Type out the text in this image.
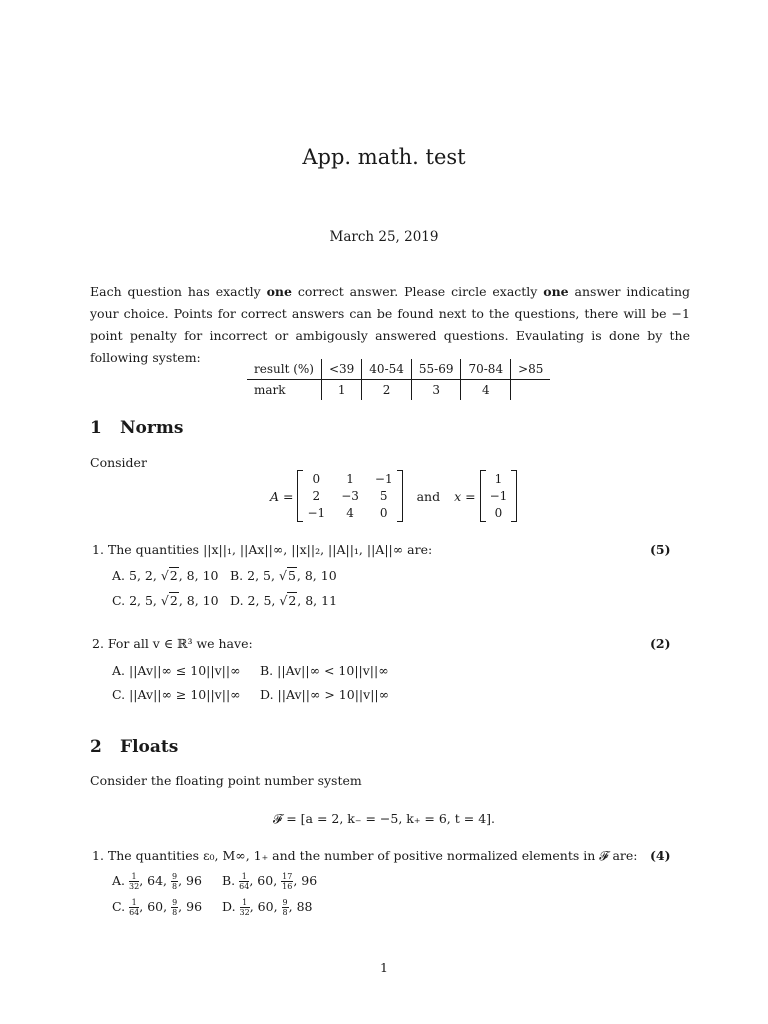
App. math. test
March 25, 2019
Each question has exactly one correct answer. Please circle exactly one answer indicating your choice. Points for correct answers can be found next to the questions, there will be −1 point penalty for incorrect or ambigously answered questions. Evaulating is done by the following system:
result (%)	<39	40-54	55-69	70-84	>85
mark	1	2	3	4	
1 Norms
Consider
A =
0	1	−1
2	−3	5
−1	4	0
and x =
1
−1
0
1. The quantities ||x||₁, ||Ax||∞, ||x||₂, ||A||₁, ||A||∞ are:	(5)
A. 5, 2, √2, 8, 10 B. 2, 5, √5, 8, 10
C. 2, 5, √2, 8, 10 D. 2, 5, √2, 8, 11
2. For all v ∈ ℝ³ we have:	(2)
A. ||Av||∞ ≤ 10||v||∞ B. ||Av||∞ < 10||v||∞
C. ||Av||∞ ≥ 10||v||∞ D. ||Av||∞ > 10||v||∞
2 Floats
Consider the floating point number system
𝓕 = [a = 2, k₋ = −5, k₊ = 6, t = 4].
1. The quantities ε₀, M∞, 1₊ and the number of positive normalized elements in 𝓕 are: (4)
A. $\frac{1}{32}$ , 64, $\frac{9}{8}$ , 96 B. $\frac{1}{64}$ , 60, $\frac{17}{16}$ , 96
C. $\frac{1}{64}$ , 60, $\frac{9}{8}$ , 96 D. $\frac{1}{32}$ , 60, $\frac{9}{8}$ , 88
1
